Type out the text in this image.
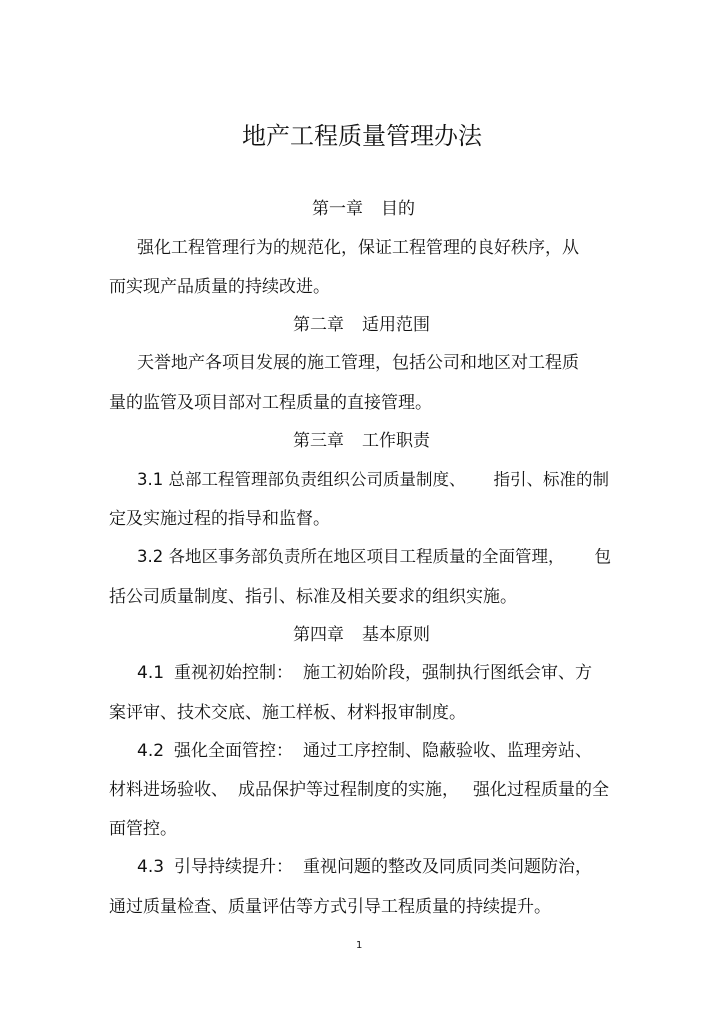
地产工程质量管理办法
第一章 目的
强化工程管理行为的规范化，保证工程管理的良好秩序，从
而实现产品质量的持续改进。
第二章 适用范围
天誉地产各项目发展的施工管理，包括公司和地区对工程质
量的监管及项目部对工程质量的直接管理。
第三章 工作职责
3.1 总部工程管理部负责组织公司质量制度、 指引、标准的制
定及实施过程的指导和监督。
3.2 各地区事务部负责所在地区项目工程质量的全面管理， 包
括公司质量制度、指引、标准及相关要求的组织实施。
第四章 基本原则
4.1 重视初始控制： 施工初始阶段，强制执行图纸会审、方
案评审、技术交底、施工样板、材料报审制度。
4.2 强化全面管控： 通过工序控制、隐蔽验收、监理旁站、
材料进场验收、 成品保护等过程制度的实施， 强化过程质量的全
面管控。
4.3 引导持续提升： 重视问题的整改及同质同类问题防治，
通过质量检查、质量评估等方式引导工程质量的持续提升。
1
